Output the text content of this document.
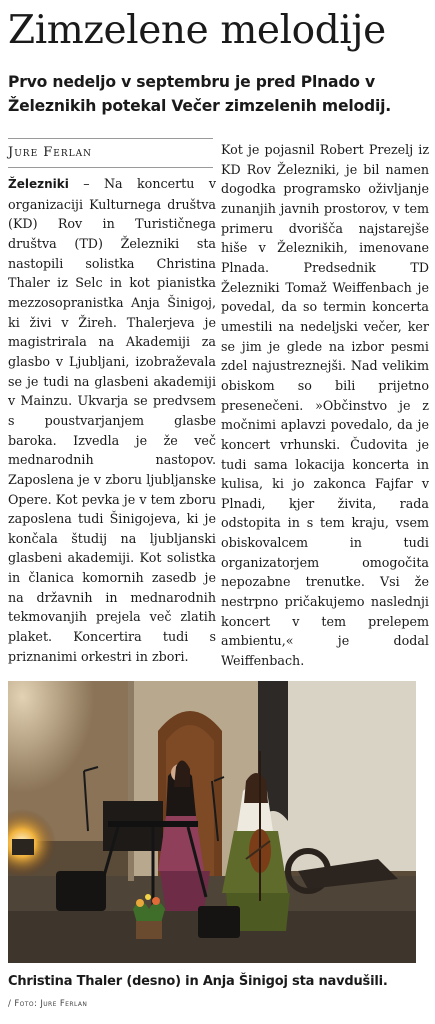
Zimzelene melodije

Prvo nedeljo v septembru je pred Plnado v Železnikih potekal Večer zimzelenih melodij.

Jure Ferlan

Železniki – Na koncertu v organizaciji Kulturnega društva (KD) Rov in Turističnega društva (TD) Železniki sta nastopili solistka Christina Thaler iz Selc in kot pianistka mezzosopranistka Anja Šinigoj, ki živi v Žireh. Thalerjeva je magistrirala na Akademiji za glasbo v Ljubljani, izobraževala se je tudi na glasbeni akademiji v Mainzu. Ukvarja se predvsem s poustvarjanjem glasbe baroka. Izvedla je že več mednarodnih nastopov. Zaposlena je v zboru ljubljanske Opere. Kot pevka je v tem zboru zaposlena tudi Šinigojeva, ki je končala študij na ljubljanski glasbeni akademiji. Kot solistka in članica komornih zasedb je na državnih in mednarodnih tekmovanjih prejela več zlatih plaket. Koncertira tudi s priznanimi orkestri in zbori.

Kot je pojasnil Robert Prezelj iz KD Rov Železniki, je bil namen dogodka programsko oživljanje zunanjih javnih prostorov, v tem primeru dvorišča najstarejše hiše v Železnikih, imenovane Plnada. Predsednik TD Železniki Tomaž Weiffenbach je povedal, da so termin koncerta umestili na nedeljski večer, ker se jim je glede na izbor pesmi zdel najustreznejši. Nad velikim obiskom so bili prijetno presenečeni. »Občinstvo je z močnimi aplavzi povedalo, da je koncert vrhunski. Čudovita je tudi sama lokacija koncerta in kulisa, ki jo zakonca Fajfar v Plnadi, kjer živita, rada odstopita in s tem kraju, vsem obiskovalcem in tudi organizatorjem omogočita nepozabne trenutke. Vsi že nestrpno pričakujemo naslednji koncert v tem prelepem ambientu,« je dodal Weiffenbach.

Christina Thaler (desno) in Anja Šinigoj sta navdušili.

/ Foto: Jure Ferlan
